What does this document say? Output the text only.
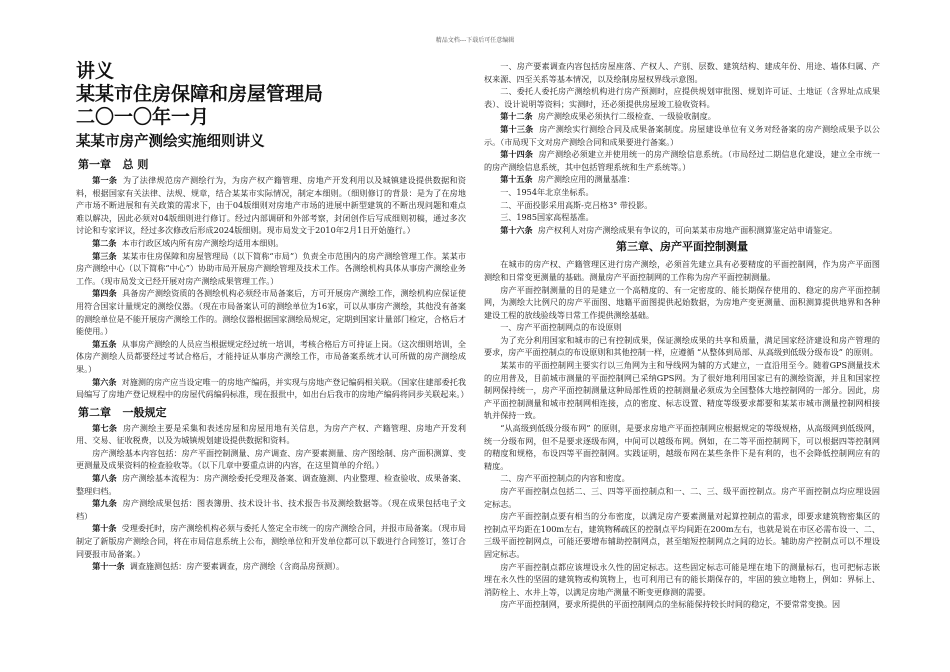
精品文档---下载后可任意编辑

讲义

某某市住房保障和房屋管理局

二〇一〇年一月

某某市房产测绘实施细则讲义

第一章 总 则

第一条 为了法律规范房产测绘行为，为房产权产籍管理、房地产开发利用以及城镇建设提供数据和资料，根据国家有关法律、法规、规章，结合某某市实际情况，制定本细则。（细则修订的背景：是为了在房地产市场不断进展和有关政策的需求下，由于04版细则对房地产市场的进展中新型建筑的不断出现问题和难点难以解决，因此必须对04版细则进行修订。经过内部调研和外部考察，封闭创作后写成细则初稿，通过多次讨论和专家评议，经过多次修改后形成2024版细则。现市局发文于2010年2月1日开始施行。）

第二条 本市行政区域内所有房产测绘均适用本细则。

第三条 某某市住房保障和房屋管理局（以下简称“市局”）负责全市范围内的房产测绘管理工作。某某市房产测绘中心（以下简称“中心”）协助市局开展房产测绘管理及技术工作。各测绘机构具体从事房产测绘业务工作。（现市局发文已经开展对房产测绘成果管理工作。）

第四条 具备房产测绘资质的各测绘机构必须经市局备案后，方可开展房产测绘工作，测绘机构应保证使用符合国家计量规定的测绘仪器。（现在市局备案认可的测绘单位为16家，可以从事房产测绘，其他没有备案的测绘单位是不能开展房产测绘工作的。测绘仪器根据国家测绘局规定，定期到国家计量部门检定，合格后才能使用。）

第五条 从事房产测绘的人员应当根据规定经过统一培训，考核合格后方可持证上岗。（这次细则培训，全体房产测绘人员都要经过考试合格后，才能持证从事房产测绘工作，市局备案系统才认可所做的房产测绘成果。）

第六条 对施测的房产应当设定唯一的房地产编码，并实现与房地产登记编码相关联。（国家住建部委托我局编写了房地产登记规程中的房屋代码编码标准，现在报批中，如出台后我市的房地产编码将同步关联起来。）

第二章 一般规定

第七条 房产测绘主要是采集和表述房屋和房屋用地有关信息，为房产产权、产籍管理、房地产开发利用、交易、征收税费，以及为城镇规划建设提供数据和资料。

房产测绘基本内容包括：房产平面控制测量、房产调查、房产要素测量、房产图绘制、房产面积测算、变更测量及成果资料的检查验收等。（以下几章中要重点讲的内容，在这里简单的介绍。）

第八条 房产测绘基本流程为：房产测绘委托受理及备案、调查施测、内业整理、检查验收、成果备案、整理归档。

第九条 房产测绘成果包括：图表簿册、技术设计书、技术报告书及测绘数据等。（现在成果包括电子文档）

第十条 受理委托时，房产测绘机构必须与委托人签定全市统一的房产测绘合同，并报市局备案。（现市局制定了新版房产测绘合同，将在市局信息系统上公布，测绘单位和开发单位都可以下载进行合同签订，签订合同要报市局备案。）

第十一条 调查施测包括：房产要素调查，房产测绘（含商品房预测）。

一、房产要素调查内容包括房屋座落、产权人、产别、层数、建筑结构、建成年份、用途、墙体归属、产权来源、四至关系等基本情况，以及绘制房屋权界线示意图。

二、委托人委托房产测绘机构进行房产预测时，应提供规划审批图、规划许可证、土地证（含界址点成果表）、设计说明等资料；实测时，还必须提供房屋竣工验收资料。

第十二条 房产测绘成果必须执行二级检查、一级验收制度。

第十三条 房产测绘实行测绘合同及成果备案制度。房屋建设单位有义务对经备案的房产测绘成果予以公示。（市局现下文对房产测绘合同和成果要进行备案。）

第十四条 房产测绘必须建立并使用统一的房产测绘信息系统。（市局经过二期信息化建设，建立全市统一的房产测绘信息系统，其中包括管理系统和生产系统等。）

第十五条 房产测绘应用的测量基准：

一、1954年北京坐标系。

二、平面投影采用高斯-克吕格3° 带投影。

三、1985国家高程基准。

第十六条 房产权利人对房产测绘成果有争议的，可向某某市房地产面积测算鉴定站申请鉴定。

第三章、房产平面控制测量

在城市的房产权、产籍管理区进行房产测绘，必须首先建立具有必要精度的平面控制网，作为房产平面图测绘和日常变更测量的基础。测量房产平面控制网的工作称为房产平面控制测量。

房产平面控制测量的目的是建立一个高精度的、有一定密度的、能长期保存使用的、稳定的房产平面控制网，为测绘大比例尺的房产平面图、地籍平面图提供起始数据，为房地产变更测量、面积测算提供地界和各种建设工程的放线验线等日常工作提供测绘基础。

一、房产平面控制网点的布设原则

为了充分利用国家和城市的已有控制成果，保证测绘成果的共享和质量，满足国家经济建设和房产管理的要求，房产平面控制点的布设原则和其他控制一样，应遵循 “从整体到局部、从高级到低级分级布设” 的原则。

某某市的平面控制网主要实行以三角网为主和导线网为辅的方式建立，一直沿用至今。随着GPS测量技术的应用普及，目前城市测量的平面控制网已采纳GPS网。为了很好地利用国家已有的测绘资源，并且和国家控制网保持统一，房产平面控制测量这种局部性质的控制测量必须成为全国整体大地控制网的一部分。因此，房产平面控制测量和城市控制网相连接，点的密度、标志设置、精度等级要求都要和某某市城市测量控制网相接轨并保持一致。

“从高级到低级分级布网” 的原则，是要求房地产平面控制网应根据规定的等级规格，从高级网到低级网，统一分级布网，但不是要求逐级布网，中间可以越级布网。例如，在二等平面控制网下，可以根据四等控制网的精度和规格，布设四等平面控制网。实践证明，越级布网在某些条件下是有利的，也不会降低控制网应有的精度。

二、房产平面控制点的内容和密度。

房产平面控制点包括二、三、四等平面控制点和一、二、三、级平面控制点。房产平面控制点均应埋设固定标志。

房产平面控制点要有相当的分布密度，以满足房产要素测量对起算控制点的需求，即要求建筑物密集区的控制点平均距在100m左右，建筑物稀疏区的控制点平均间距在200m左右，也就是说在市区必需布设一、二、三级平面控制网点，可能还要增布辅助控制网点，甚至缩短控制网点之间的边长。辅助房产控制点可以不埋设固定标志。

房产平面控制点都应该埋设永久性的固定标志。这些固定标志可能是埋在地下的测量标石，也可把标志嵌埋在永久性的坚固的建筑物或构筑物上，也可利用已有的能长期保存的，牢固的独立地物上，例如：界标上、消防栓上、水井上等，以满足房地产测量不断变更修测的需要。

房产平面控制网，要求所提供的平面控制网点的坐标能保持较长时间的稳定，不要常常变换。因
